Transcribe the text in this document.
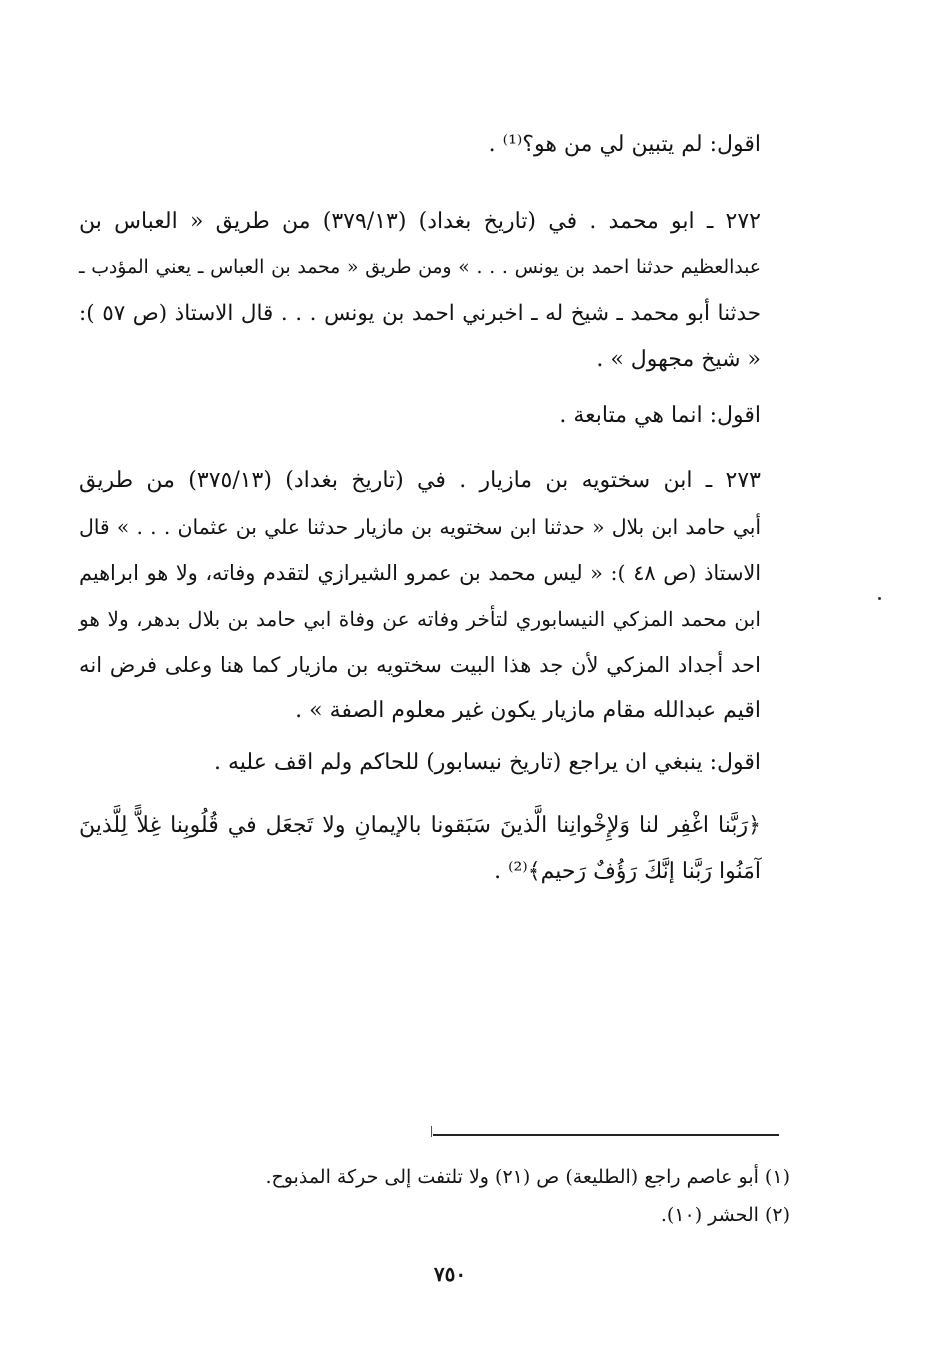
اقول: لم يتبين لي من هو؟⁽¹⁾ .
٢٧٢ ـ ابو محمد . في (تاريخ بغداد) (٣٧٩/١٣) من طريق « العباس بن
عبدالعظيم حدثنا احمد بن يونس . . . » ومن طريق « محمد بن العباس ـ يعني المؤدب ـ
حدثنا أبو محمد ـ شيخ له ـ اخبرني احمد بن يونس . . . قال الاستاذ (ص ٥٧ ):
« شيخ مجهول » .
اقول: انما هي متابعة .
٢٧٣ ـ ابن سختويه بن مازيار . في (تاريخ بغداد) (٣٧٥/١٣) من طريق
أبي حامد ابن بلال « حدثنا ابن سختويه بن مازيار حدثنا علي بن عثمان . . . » قال
الاستاذ (ص ٤٨ ): « ليس محمد بن عمرو الشيرازي لتقدم وفاته، ولا هو ابراهيم
ابن محمد المزكي النيسابوري لتأخر وفاته عن وفاة ابي حامد بن بلال بدهر، ولا هو
احد أجداد المزكي لأن جد هذا البيت سختويه بن مازيار كما هنا وعلى فرض انه
اقيم عبدالله مقام مازيار يكون غير معلوم الصفة » .
اقول: ينبغي ان يراجع (تاريخ نيسابور) للحاكم ولم اقف عليه .
﴿رَبَّنا اغْفِر لنا وَلإِخْوانِنا الَّذينَ سَبَقونا بالإيمانِ ولا تَجعَل في قُلُوبِنا غِلاًّ لِلَّذينَ
آمَنُوا رَبَّنا إنَّكَ رَؤُفٌ رَحيم﴾⁽²⁾ .
(١) أبو عاصم راجع (الطليعة) ص (٢١) ولا تلتفت إلى حركة المذبوح.
(٢) الحشر (١٠).
٧٥٠
